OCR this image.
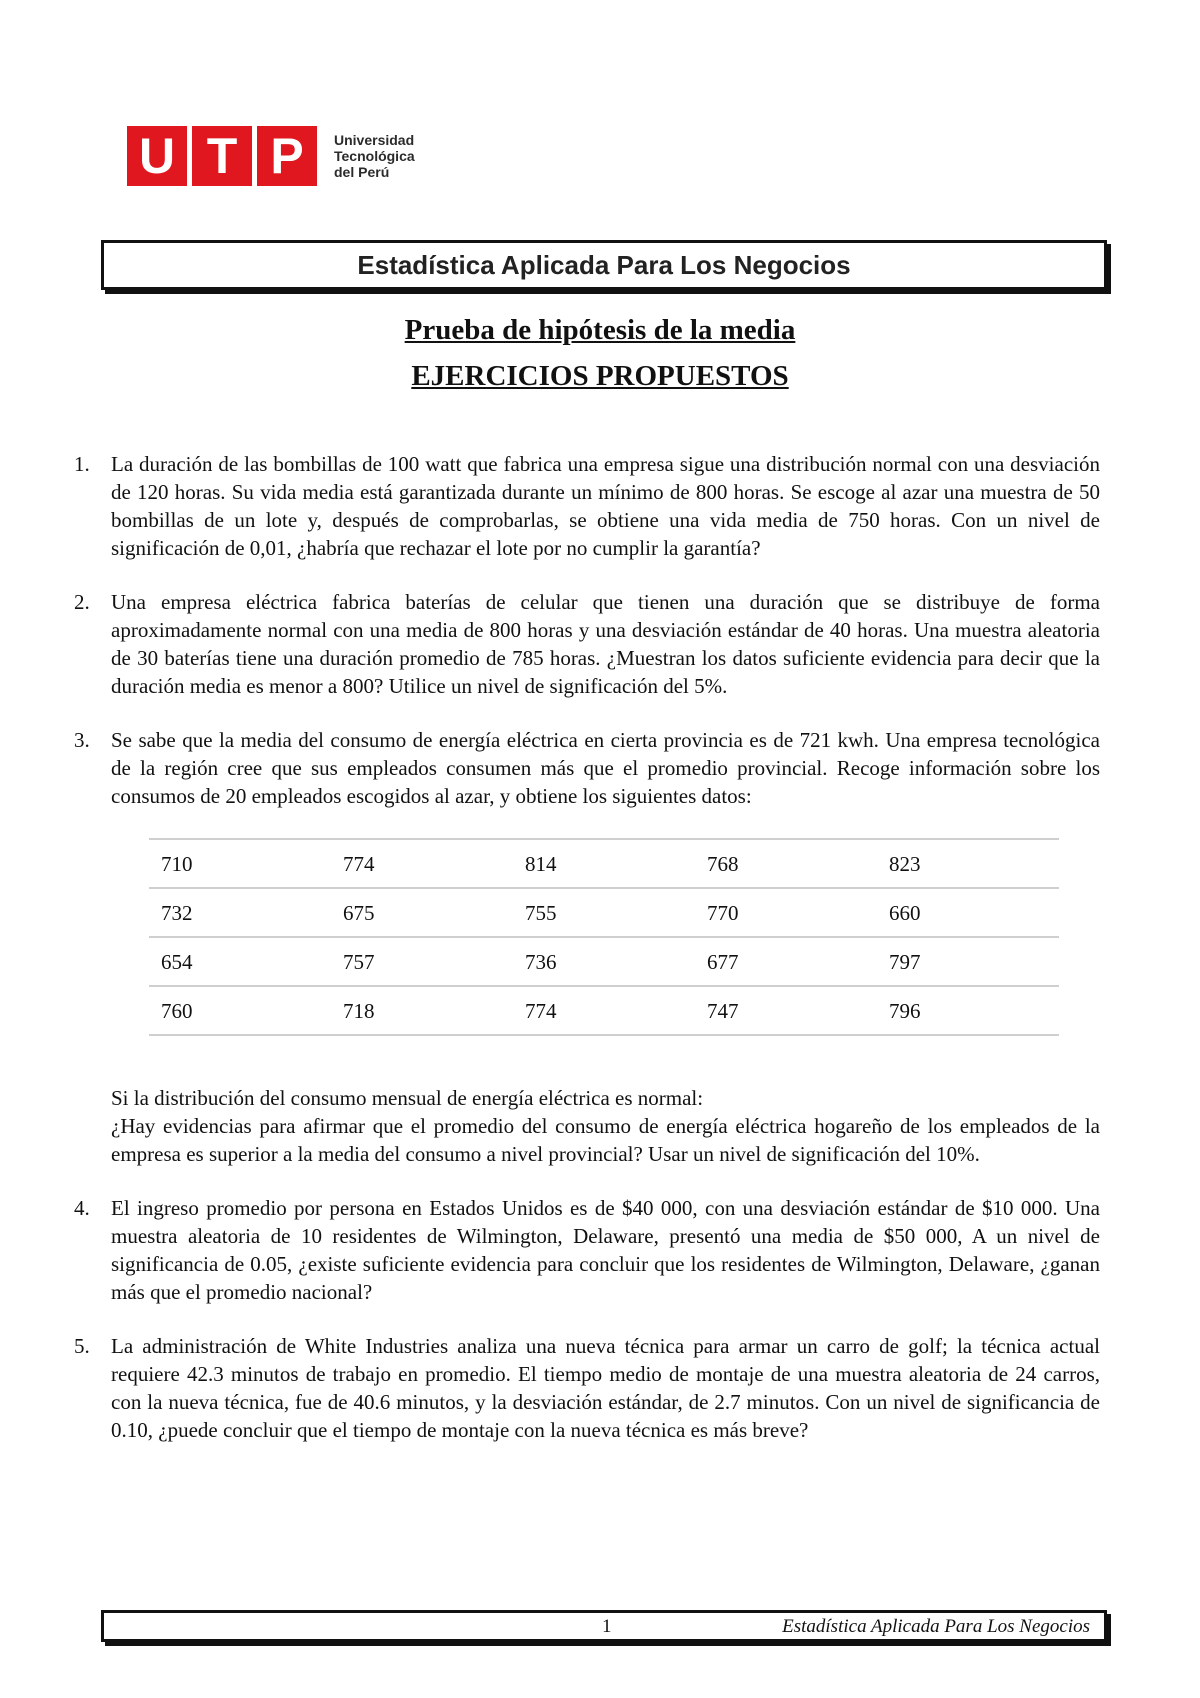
U T P	Universidad
Tecnológica
del Perú
Estadística Aplicada Para Los Negocios
Prueba de hipótesis de la media
EJERCICIOS PROPUESTOS
1. La duración de las bombillas de 100 watt que fabrica una empresa sigue una distribución normal con una desviación de 120 horas. Su vida media está garantizada durante un mínimo de 800 horas. Se escoge al azar una muestra de 50 bombillas de un lote y, después de comprobarlas, se obtiene una vida media de 750 horas. Con un nivel de significación de 0,01, ¿habría que rechazar el lote por no cumplir la garantía?
2. Una empresa eléctrica fabrica baterías de celular que tienen una duración que se distribuye de forma aproximadamente normal con una media de 800 horas y una desviación estándar de 40 horas. Una muestra aleatoria de 30 baterías tiene una duración promedio de 785 horas. ¿Muestran los datos suficiente evidencia para decir que la duración media es menor a 800? Utilice un nivel de significación del 5%.
3. Se sabe que la media del consumo de energía eléctrica en cierta provincia es de 721 kwh. Una empresa tecnológica de la región cree que sus empleados consumen más que el promedio provincial. Recoge información sobre los consumos de 20 empleados escogidos al azar, y obtiene los siguientes datos:
710	774	814	768	823
732	675	755	770	660
654	757	736	677	797
760	718	774	747	796
Si la distribución del consumo mensual de energía eléctrica es normal:
¿Hay evidencias para afirmar que el promedio del consumo de energía eléctrica hogareño de los empleados de la empresa es superior a la media del consumo a nivel provincial? Usar un nivel de significación del 10%.
4. El ingreso promedio por persona en Estados Unidos es de $40 000, con una desviación estándar de $10 000. Una muestra aleatoria de 10 residentes de Wilmington, Delaware, presentó una media de $50 000, A un nivel de significancia de 0.05, ¿existe suficiente evidencia para concluir que los residentes de Wilmington, Delaware, ¿ganan más que el promedio nacional?
5. La administración de White Industries analiza una nueva técnica para armar un carro de golf; la técnica actual requiere 42.3 minutos de trabajo en promedio. El tiempo medio de montaje de una muestra aleatoria de 24 carros, con la nueva técnica, fue de 40.6 minutos, y la desviación estándar, de 2.7 minutos. Con un nivel de significancia de 0.10, ¿puede concluir que el tiempo de montaje con la nueva técnica es más breve?
1	Estadística Aplicada Para Los Negocios
